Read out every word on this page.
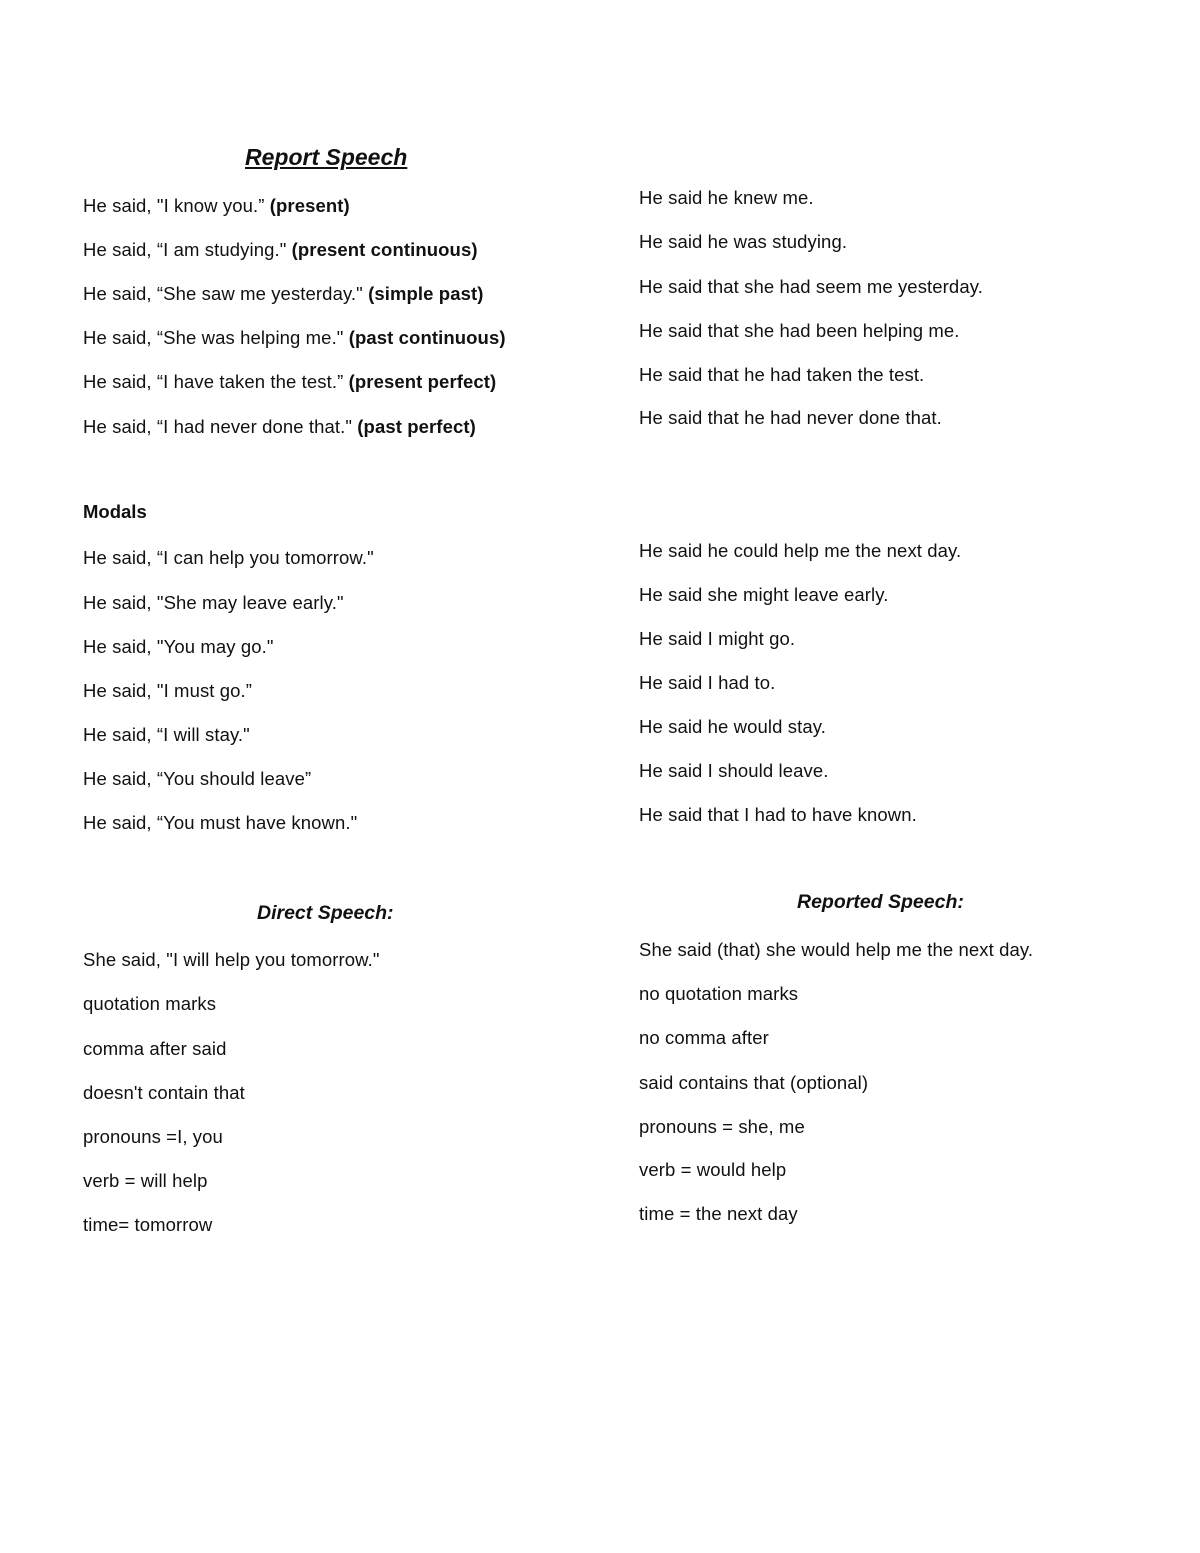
Report Speech
He said, "I know you.” (present)
He said, “I am studying." (present continuous)
He said, “She saw me yesterday." (simple past)
He said, “She was helping me." (past continuous)
He said, “I have taken the test.” (present perfect)
He said, “I had never done that." (past perfect)
He said he knew me.
He said he was studying.
He said that she had seem me yesterday.
He said that she had been helping me.
He said that he had taken the test.
He said that he had never done that.
Modals
He said, “I can help you tomorrow."
He said, "She may leave early."
He said, "You may go."
He said, "I must go.”
He said, “I will stay."
He said, “You should leave”
He said, “You must have known."
He said he could help me the next day.
He said she might leave early.
He said I might go.
He said I had to.
He said he would stay.
He said I should leave.
He said that I had to have known.
Direct Speech:	Reported Speech:
She said, "I will help you tomorrow."
quotation marks
comma after said
doesn't contain that
pronouns =I, you
verb = will help
time= tomorrow
She said (that) she would help me the next day.
no quotation marks
no comma after
said contains that (optional)
pronouns = she, me
verb = would help
time = the next day
